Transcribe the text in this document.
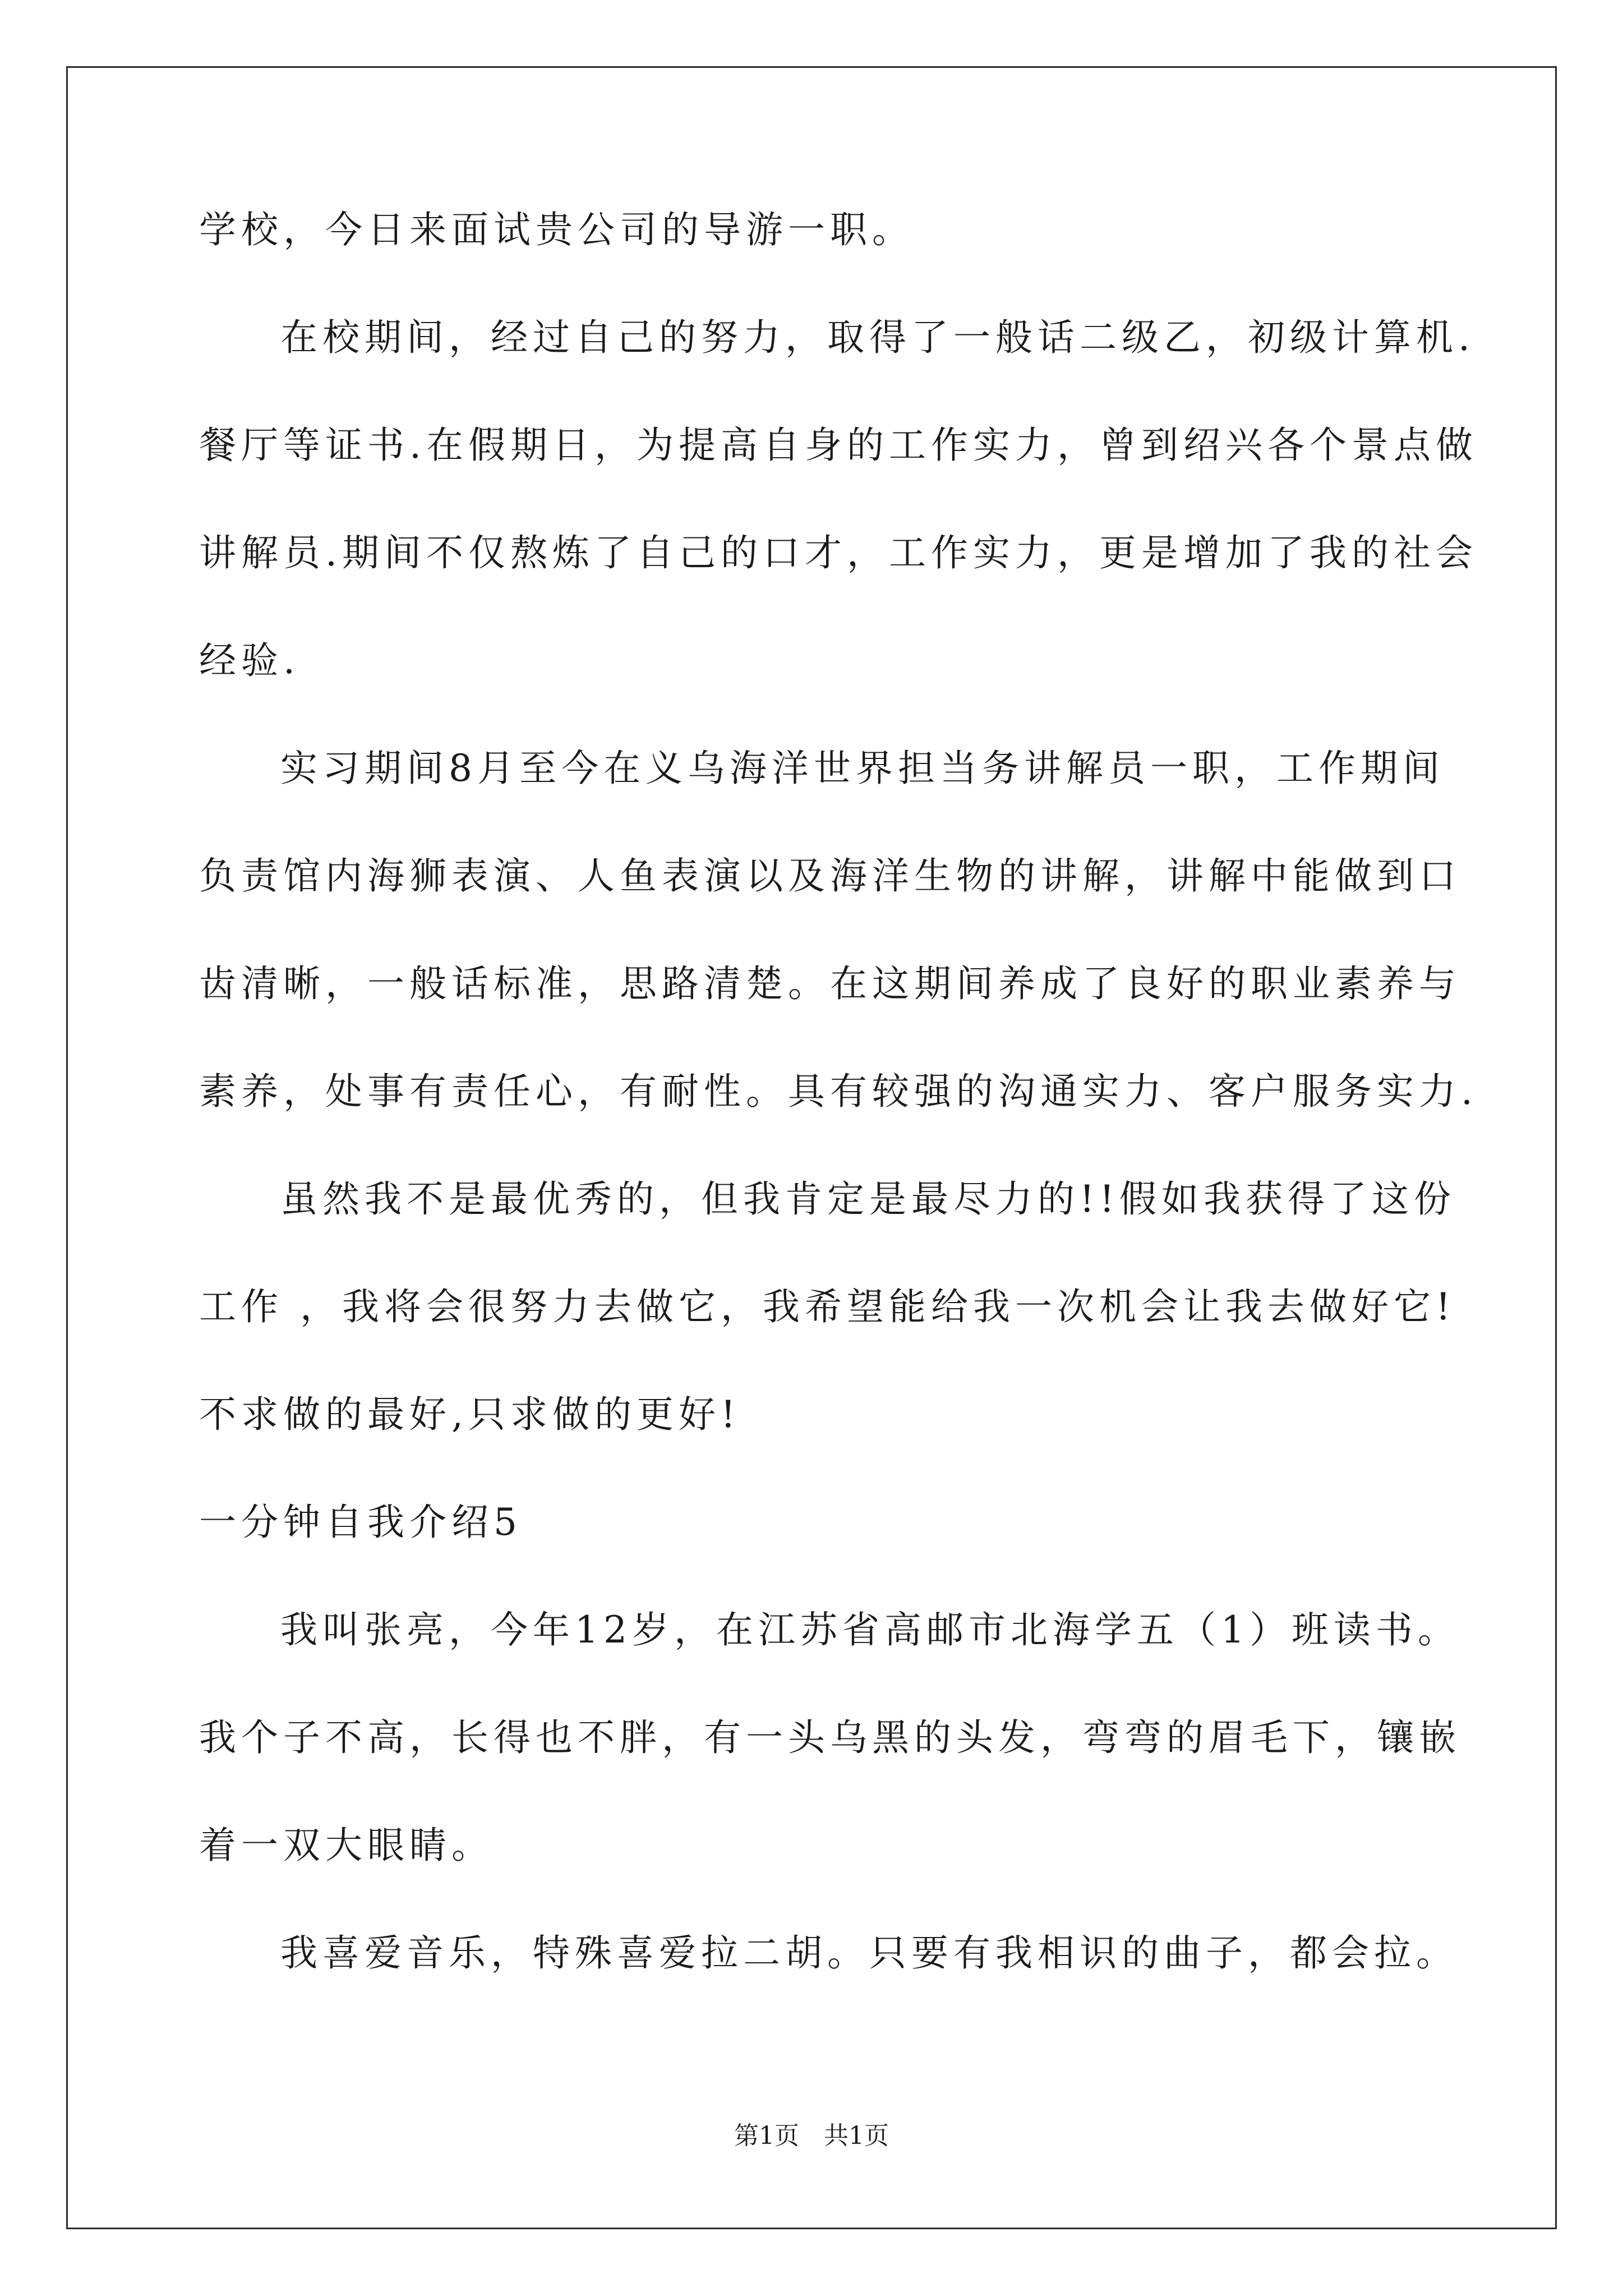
学校，今日来面试贵公司的导游一职。
在校期间，经过自己的努力，取得了一般话二级乙，初级计算机.
餐厅等证书.在假期日，为提高自身的工作实力，曾到绍兴各个景点做
讲解员.期间不仅熬炼了自己的口才，工作实力，更是增加了我的社会
经验.
实习期间8月至今在义乌海洋世界担当务讲解员一职，工作期间
负责馆内海狮表演、人鱼表演以及海洋生物的讲解，讲解中能做到口
齿清晰，一般话标准，思路清楚。在这期间养成了良好的职业素养与
素养，处事有责任心，有耐性。具有较强的沟通实力、客户服务实力.
虽然我不是最优秀的，但我肯定是最尽力的!!假如我获得了这份
工作 ，我将会很努力去做它，我希望能给我一次机会让我去做好它!
不求做的最好,只求做的更好!
一分钟自我介绍5
我叫张亮，今年12岁，在江苏省高邮市北海学五（1）班读书。
我个子不高，长得也不胖，有一头乌黑的头发，弯弯的眉毛下，镶嵌
着一双大眼睛。
我喜爱音乐，特殊喜爱拉二胡。只要有我相识的曲子，都会拉。
第1页　共1页
